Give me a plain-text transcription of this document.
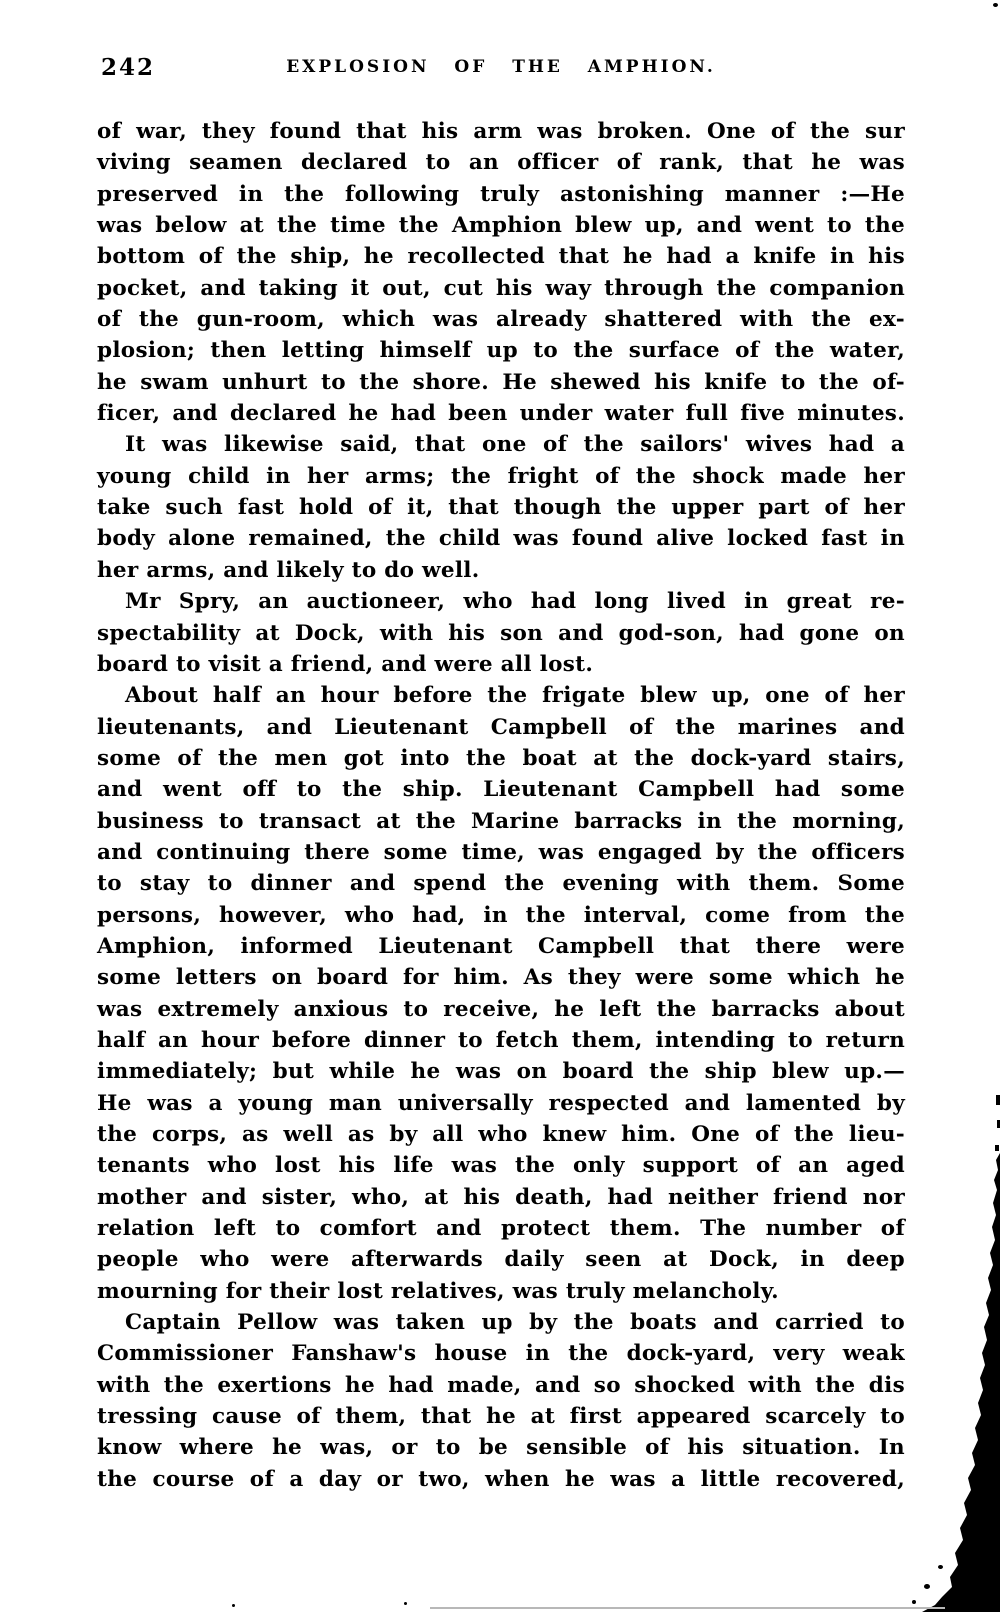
242	EXPLOSION OF THE AMPHION.
of war, they found that his arm was broken. One of the sur
viving seamen declared to an officer of rank, that he was
preserved in the following truly astonishing manner :—He
was below at the time the Amphion blew up, and went to the
bottom of the ship, he recollected that he had a knife in his
pocket, and taking it out, cut his way through the companion
of the gun-room, which was already shattered with the ex-
plosion; then letting himself up to the surface of the water,
he swam unhurt to the shore. He shewed his knife to the of-
ficer, and declared he had been under water full five minutes.
It was likewise said, that one of the sailors' wives had a
young child in her arms; the fright of the shock made her
take such fast hold of it, that though the upper part of her
body alone remained, the child was found alive locked fast in
her arms, and likely to do well.
Mr Spry, an auctioneer, who had long lived in great re-
spectability at Dock, with his son and god-son, had gone on
board to visit a friend, and were all lost.
About half an hour before the frigate blew up, one of her
lieutenants, and Lieutenant Campbell of the marines and
some of the men got into the boat at the dock-yard stairs,
and went off to the ship. Lieutenant Campbell had some
business to transact at the Marine barracks in the morning,
and continuing there some time, was engaged by the officers
to stay to dinner and spend the evening with them. Some
persons, however, who had, in the interval, come from the
Amphion, informed Lieutenant Campbell that there were
some letters on board for him. As they were some which he
was extremely anxious to receive, he left the barracks about
half an hour before dinner to fetch them, intending to return
immediately; but while he was on board the ship blew up.—
He was a young man universally respected and lamented by
the corps, as well as by all who knew him. One of the lieu-
tenants who lost his life was the only support of an aged
mother and sister, who, at his death, had neither friend nor
relation left to comfort and protect them. The number of
people who were afterwards daily seen at Dock, in deep
mourning for their lost relatives, was truly melancholy.
Captain Pellow was taken up by the boats and carried to
Commissioner Fanshaw's house in the dock-yard, very weak
with the exertions he had made, and so shocked with the dis
tressing cause of them, that he at first appeared scarcely to
know where he was, or to be sensible of his situation. In
the course of a day or two, when he was a little recovered,
